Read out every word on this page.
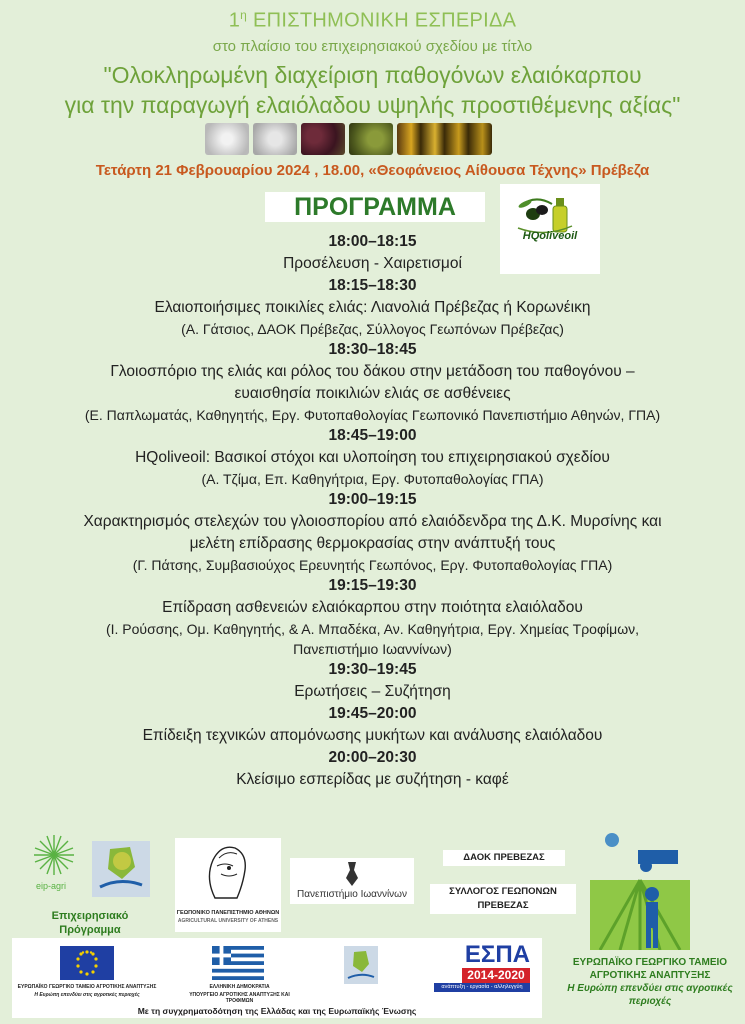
$1^\eta$ ΕΠΙΣΤΗΜΟΝΙΚΗ ΕΣΠΕΡΙΔΑ
στο πλαίσιο του επιχειρησιακού σχεδίου με τίτλο
"Ολοκληρωμένη διαχείριση παθογόνων ελαιόκαρπου
για την παραγωγή ελαιόλαδου υψηλής προστιθέμενης αξίας"
Τετάρτη 21 Φεβρουαρίου 2024 , 18.00, «Θεοφάνειος Αίθουσα Τέχνης» Πρέβεζα
ΠΡΟΓΡΑΜΜΑ
HQoliveoil
18:00–18:15
Προσέλευση - Χαιρετισμοί
18:15–18:30
Ελαιοποιήσιμες ποικιλίες ελιάς: Λιανολιά Πρέβεζας ή Κορωνέικη
(Α. Γάτσιος, ΔΑΟΚ Πρέβεζας, Σύλλογος Γεωπόνων Πρέβεζας)
18:30–18:45
Γλοιοσπόριο της ελιάς και ρόλος του δάκου στην μετάδοση του παθογόνου –
ευαισθησία ποικιλιών ελιάς σε ασθένειες
(Ε. Παπλωματάς, Καθηγητής, Εργ. Φυτοπαθολογίας Γεωπονικό Πανεπιστήμιο Αθηνών, ΓΠΑ)
18:45–19:00
HQoliveoil: Βασικοί στόχοι και υλοποίηση του επιχειρησιακού σχεδίου
(Α. Τζίμα, Επ. Καθηγήτρια, Εργ. Φυτοπαθολογίας ΓΠΑ)
19:00–19:15
Χαρακτηρισμός στελεχών του γλοιοσπορίου από ελαιόδενδρα της Δ.Κ. Μυρσίνης και
μελέτη επίδρασης θερμοκρασίας στην ανάπτυξή τους
(Γ. Πάτσης, Συμβασιούχος Ερευνητής Γεωπόνος, Εργ. Φυτοπαθολογίας ΓΠΑ)
19:15–19:30
Επίδραση ασθενειών ελαιόκαρπου στην ποιότητα ελαιόλαδου
(Ι. Ρούσσης, Ομ. Καθηγητής, & Α. Μπαδέκα, Αν. Καθηγήτρια, Εργ. Χημείας Τροφίμων,
Πανεπιστήμιο Ιωαννίνων)
19:30–19:45
Ερωτήσεις – Συζήτηση
19:45–20:00
Επίδειξη τεχνικών απομόνωσης μυκήτων και ανάλυσης ελαιόλαδου
20:00–20:30
Κλείσιμο εσπερίδας με συζήτηση - καφέ
eip-agri
Επιχειρησιακό Πρόγραμμα
ΓΕΩΠΟΝΙΚΟ ΠΑΝΕΠΙΣΤΗΜΙΟ ΑΘΗΝΩΝ
AGRICULTURAL UNIVERSITY OF ATHENS
Πανεπιστήμιο Ιωαννίνων
ΔΑΟΚ ΠΡΕΒΕΖΑΣ
ΣΥΛΛΟΓΟΣ ΓΕΩΠΟΝΩΝ
ΠΡΕΒΕΖΑΣ
ΕΥΡΩΠΑΪΚΟ ΓΕΩΡΓΙΚΟ ΤΑΜΕΙΟ
ΑΓΡΟΤΙΚΗΣ ΑΝΑΠΤΥΞΗΣ
Η Ευρώπη επενδύει στις αγροτικές
περιοχές
ΕΥΡΩΠΑΪΚΟ ΓΕΩΡΓΙΚΟ ΤΑΜΕΙΟ ΑΓΡΟΤΙΚΗΣ ΑΝΑΠΤΥΞΗΣ
Η Ευρώπη επενδύει στις αγροτικές περιοχές
ΕΛΛΗΝΙΚΗ ΔΗΜΟΚΡΑΤΙΑ
ΥΠΟΥΡΓΕΙΟ ΑΓΡΟΤΙΚΗΣ ΑΝΑΠΤΥΞΗΣ ΚΑΙ ΤΡΟΦΙΜΩΝ
ΕΣΠΑ
2014-2020
ανάπτυξη - εργασία - αλληλεγγύη
Με τη συγχρηματοδότηση της Ελλάδας και της Ευρωπαϊκής Ένωσης
